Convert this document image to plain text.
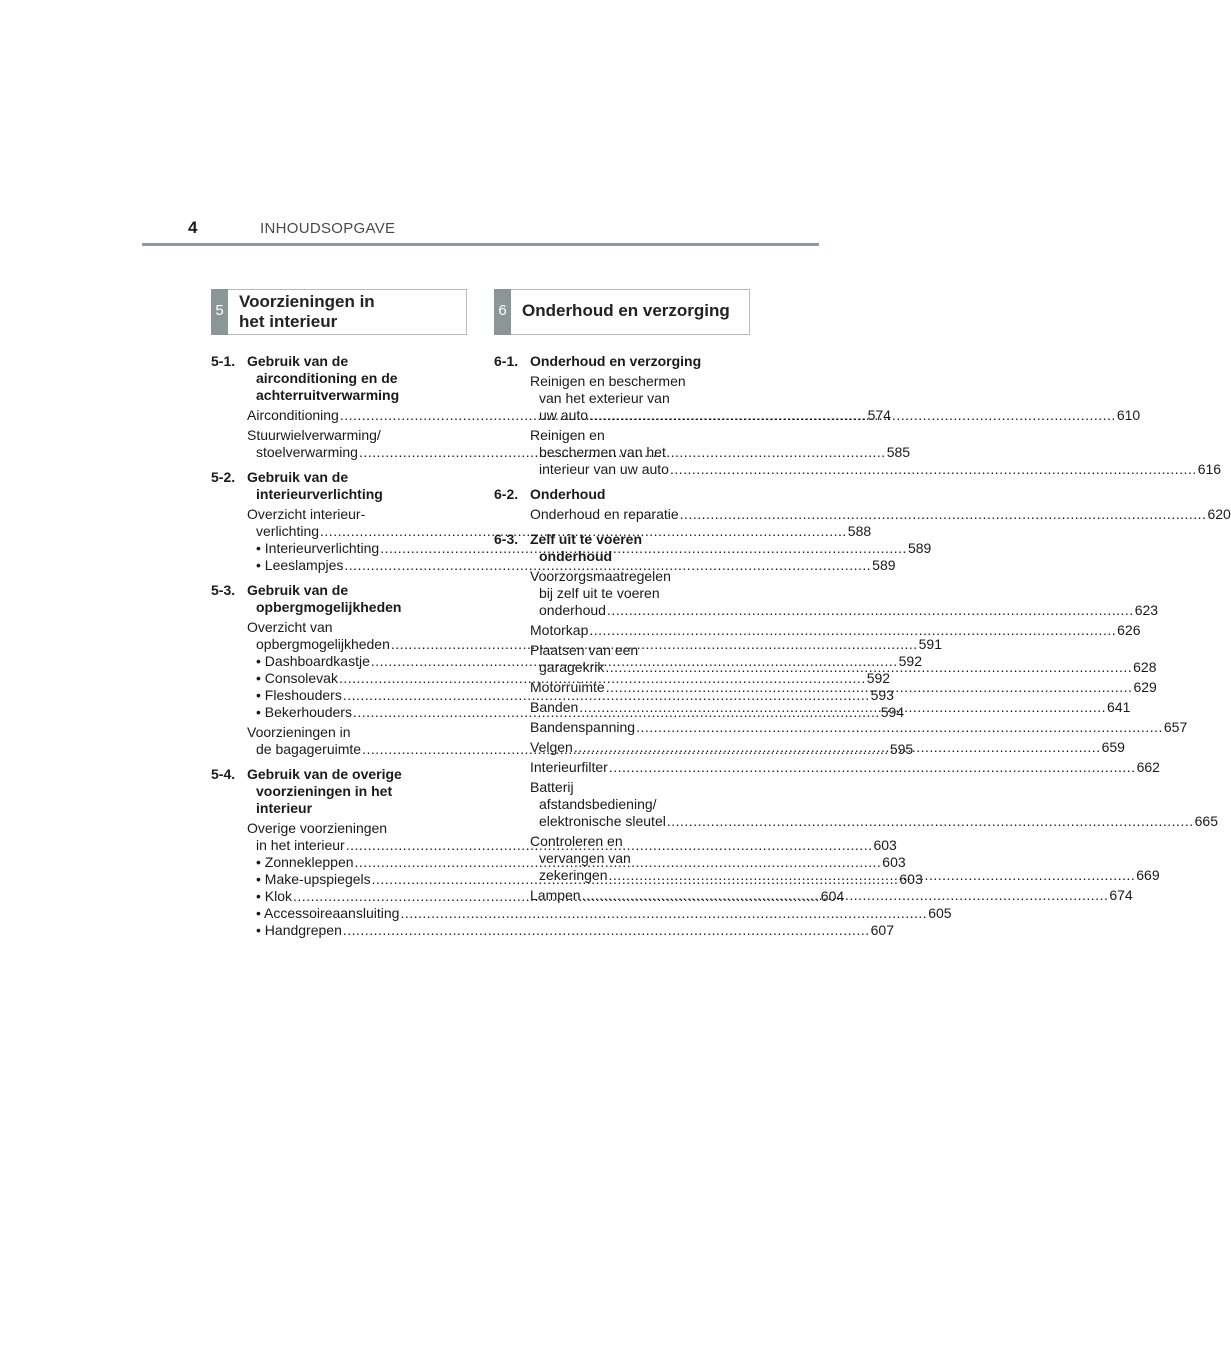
4	INHOUDSOPGAVE
5 Voorzieningen in
het interieur
5-1. Gebruik van de
airconditioning en de
achterruitverwarming
Airconditioning .....	574
Stuurwielverwarming/
stoelverwarming .....	585
5-2. Gebruik van de
interieurverlichting
Overzicht interieur-
verlichting .....	588
• Interieurverlichting .....	589
• Leeslampjes .....	589
5-3. Gebruik van de
opbergmogelijkheden
Overzicht van
opbergmogelijkheden .....	591
• Dashboardkastje .....	592
• Consolevak .....	592
• Fleshouders .....	593
• Bekerhouders .....	594
Voorzieningen in
de bagageruimte .....	595
5-4. Gebruik van de overige
voorzieningen in het
interieur
Overige voorzieningen
in het interieur .....	603
• Zonnekleppen .....	603
• Make-upspiegels .....	603
• Klok .....	604
• Accessoireaansluiting .....	605
• Handgrepen .....	607
6 Onderhoud en verzorging
6-1. Onderhoud en verzorging
Reinigen en beschermen
van het exterieur van
uw auto .....	610
Reinigen en
beschermen van het
interieur van uw auto .....	616
6-2. Onderhoud
Onderhoud en reparatie .....	620
6-3. Zelf uit te voeren
onderhoud
Voorzorgsmaatregelen
bij zelf uit te voeren
onderhoud .....	623
Motorkap .....	626
Plaatsen van een
garagekrik .....	628
Motorruimte .....	629
Banden .....	641
Bandenspanning .....	657
Velgen .....	659
Interieurfilter .....	662
Batterij
afstandsbediening/
elektronische sleutel .....	665
Controleren en
vervangen van
zekeringen .....	669
Lampen .....	674
